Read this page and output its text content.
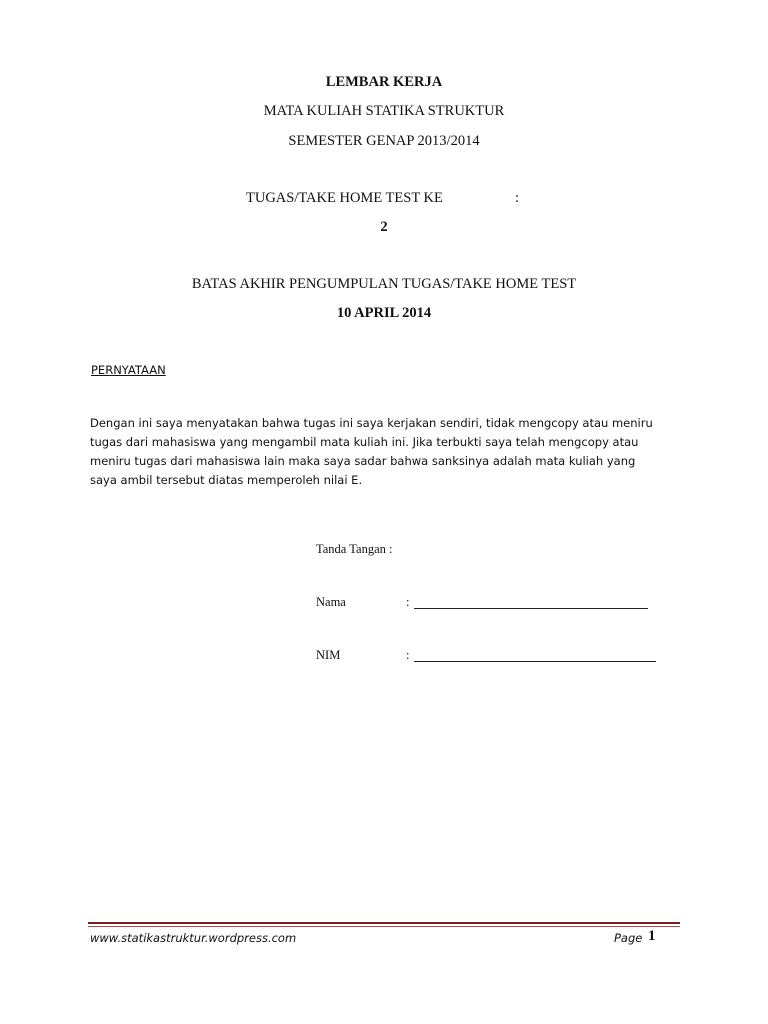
LEMBAR KERJA
MATA KULIAH STATIKA STRUKTUR
SEMESTER GENAP 2013/2014
TUGAS/TAKE HOME TEST KE	:
2
BATAS AKHIR PENGUMPULAN TUGAS/TAKE HOME TEST
10 APRIL 2014
PERNYATAAN
Dengan ini saya menyatakan bahwa tugas ini saya kerjakan sendiri, tidak mengcopy atau meniru
tugas dari mahasiswa yang mengambil mata kuliah ini. Jika terbukti saya telah mengcopy atau
meniru tugas dari mahasiswa lain maka saya sadar bahwa sanksinya adalah mata kuliah yang
saya ambil tersebut diatas memperoleh nilai E.
Tanda Tangan :
Nama	:
NIM	:
www.statikastruktur.wordpress.com	Page 1
